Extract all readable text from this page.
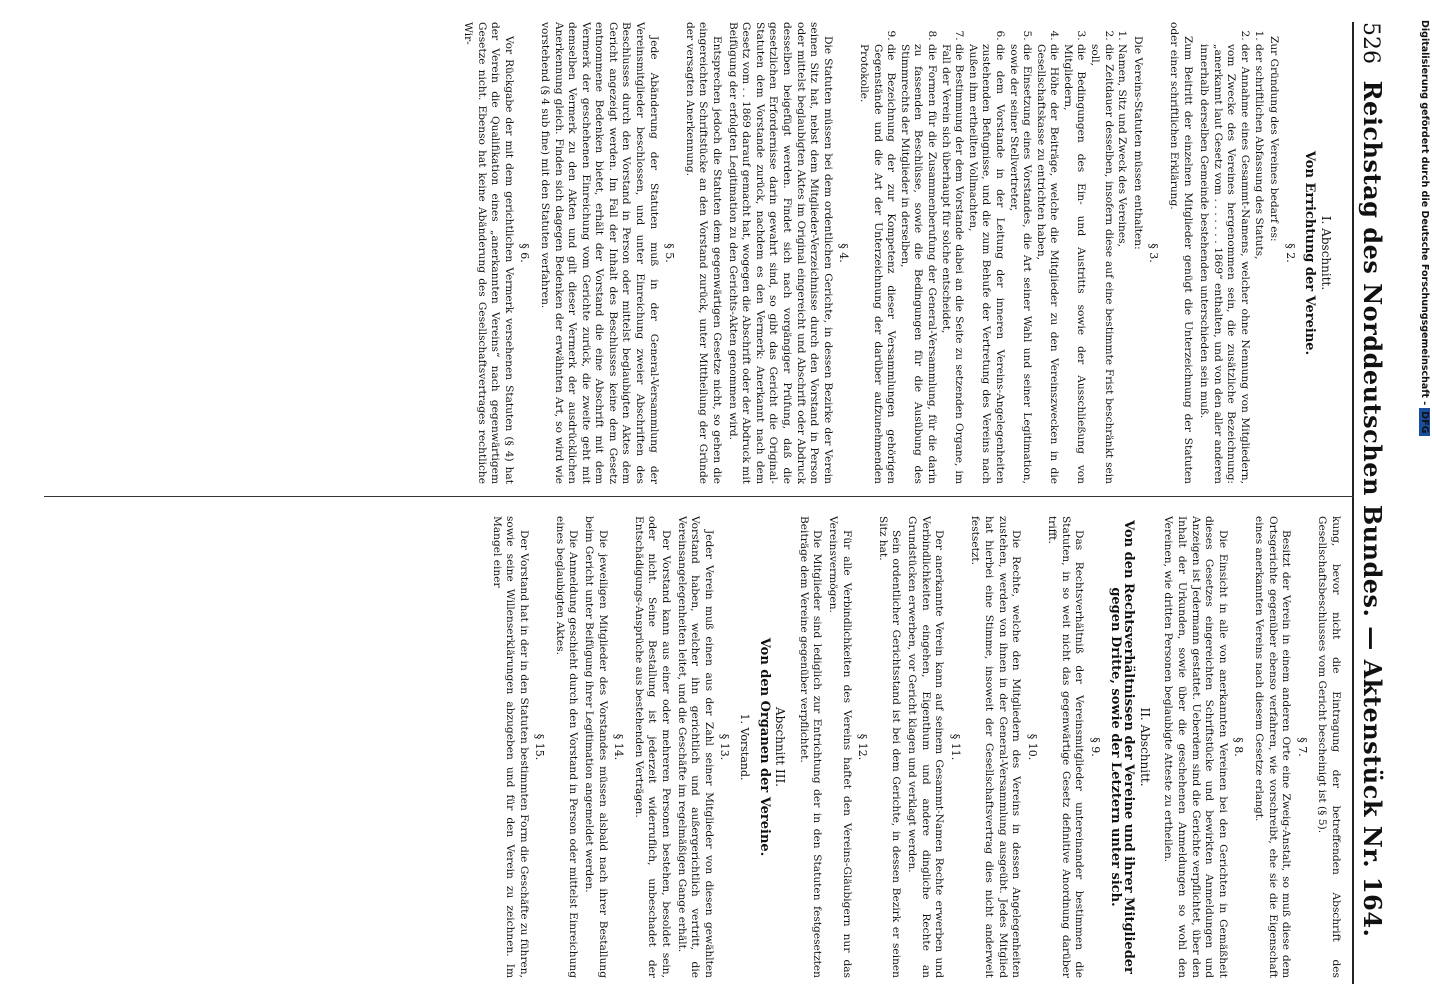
526
Reichstag des Norddeutschen Bundes. — Aktenstück Nr. 164.
I. Abschnitt.
Von Errichtung der Vereine.
§ 2.

Zur Gründung des Vereines bedarf es:

1. der schriftlichen Abfassung des Statuts,
2. der Annahme eines Gesammt-Namens, welcher ohne Nennung von Mitgliedern, vom Zwecke des Vereines hergenommen sein, die zusätzliche Bezeichnung: „anerkannt laut Gesetz vom . . . . . . . 1869“ enthalten, und von den aller anderen innerhalb derselben Gemeinde bestehenden unterschieden sein muß.

Zum Beitritt der einzelnen Mitglieder genügt die Unterzeichnung der Statuten oder einer schriftlichen Erklärung.

§ 3.

Die Vereins-Statuten müssen enthalten:

1. Namen, Sitz und Zweck des Vereines,
2. die Zeitdauer desselben, insofern diese auf eine bestimmte Frist beschränkt sein soll,
3. die Bedingungen des Ein- und Austritts sowie der Ausschließung von Mitgliedern,
4. die Höhe der Beiträge, welche die Mitglieder zu den Vereinszwecken in die Gesellschaftskasse zu entrichten haben,
5. die Einsetzung eines Vorstandes, die Art seiner Wahl und seiner Legitimation, sowie der seiner Stellvertreter,
6. die dem Vorstande in der Leitung der inneren Vereins-Angelegenheiten zustehenden Befugnisse, und die zum Behufe der Vertretung des Vereins nach Außen ihm ertheilten Vollmachten,
7. die Bestimmung der dem Vorstande dabei an die Seite zu setzenden Organe, im Fall der Verein sich überhaupt für solche entscheidet,
8. die Formen für die Zusammenberufung der General-Versammlung, für die darin zu fassenden Beschlüsse, sowie die Bedingungen für die Ausübung des Stimmrechts der Mitglieder in derselben,
9. die Bezeichnung der zur Kompetenz dieser Versammlungen gehörigen Gegenstände und die Art der Unterzeichnung der darüber aufzunehmenden Protokolle.
§ 4.

Die Statuten müssen bei dem ordentlichen Gerichte, in dessen Bezirke der Verein seinen Sitz hat, nebst dem Mitglieder-Verzeichnisse durch den Vorstand in Person oder mittelst beglaubigten Aktes im Original eingereicht und Abschrift oder Abdruck desselben beigefügt werden. Findet sich nach vorgängiger Prüfung, daß die gesetzlichen Erfordernisse darin gewahrt sind, so gibt das Gericht die Original-Statuten dem Vorstande zurück, nachdem es den Vermerk: Anerkannt nach dem Gesetz vom . . 1869 darauf gemacht hat, wogegen die Abschrift oder der Abdruck mit Beifügung der erfolgten Legitimation zu den Gerichts-Akten genommen wird.

Entsprechen jedoch die Statuten dem gegenwärtigen Gesetze nicht, so gehen die eingereichten Schriftstücke an den Vorstand zurück, unter Mittheilung der Gründe der versagten Anerkennung.

§ 5.

Jede Abänderung der Statuten muß in der General-Versammlung der Vereinsmitglieder beschlossen, und unter Einreichung zweier Abschriften des Beschlusses durch den Vorstand in Person oder mittelst beglaubigten Aktes dem Gericht angezeigt werden. Im Fall der Inhalt des Beschlusses keine dem Gesetz entnommene Bedenken bietet, erhält der Vorstand die eine Abschrift mit dem Vermerk der geschehenen Einreichung vom Gerichte zurück, die zweite geht mit demselben Vermerk zu den Akten und gilt dieser Vermerk der ausdrücklichen Anerkennung gleich. Finden sich dagegen Bedenken der erwähnten Art, so wird wie vorstehend (§ 4 sub fine) mit den Statuten verfahren.

§ 6.

Vor Rückgabe der mit dem gerichtlichen Vermerk versehenen Statuten (§ 4) hat der Verein die Qualifikation eines „anerkannten Vereins“ nach gegenwärtigem Gesetze nicht. Ebenso hat keine Abänderung des Gesellschaftsvertrages rechtliche Wir-

kung, bevor nicht die Eintragung der betreffenden Abschrift des Gesellschaftsbeschlusses vom Gericht bescheinigt ist (§ 5).

§ 7.

Besitzt der Verein in einem anderen Orte eine Zweig-Anstalt, so muß diese dem Ortsgerichte gegenüber ebenso verfahren, wie vorschreibt, ehe sie die Eigenschaft eines anerkannten Vereins nach diesem Gesetze erlangt.

§ 8.

Die Einsicht in alle von anerkannten Vereinen bei den Gerichten in Gemäßheit dieses Gesetzes eingereichten Schriftstücke und bewirkten Anmeldungen und Anzeigen ist Jedermann gestattet. Ueberdem sind die Gerichte verpflichtet, über den Inhalt der Urkunden, sowie über die geschehenen Anmeldungen so wohl den Vereinen, wie dritten Personen beglaubigte Atteste zu ertheilen.

II. Abschnitt.
Von den Rechtsverhältnissen der Vereine und ihrer Mitglieder gegen Dritte, sowie der Letztern unter sich.
§ 9.

Das Rechtsverhältniß der Vereinsmitglieder untereinander bestimmen die Statuten, in so weit nicht das gegenwärtige Gesetz definitive Anordnung darüber trifft.

§ 10.

Die Rechte, welche den Mitgliedern des Vereins in dessen Angelegenheiten zustehen, werden von ihnen in der General-Versammlung ausgeübt. Jedes Mitglied hat hierbei eine Stimme, insoweit der Gesellschaftsvertrag dies nicht anderweit festsetzt.

§ 11.

Der anerkannte Verein kann auf seinem Gesammt-Namen Rechte erwerben und Verbindlichkeiten eingehen, Eigenthum und andere dingliche Rechte an Grundstücken erwerben, vor Gericht klagen und verklagt werden.

Sein ordentlicher Gerichtsstand ist bei dem Gerichte, in dessen Bezirk er seinen Sitz hat.

§ 12.

Für alle Verbindlichkeiten des Vereins haftet den Vereins-Gläubigern nur das Vereinsvermögen.

Die Mitglieder sind lediglich zur Entrichtung der in den Statuten festgesetzten Beiträge dem Vereine gegenüber verpflichtet.

Abschnitt III.
Von den Organen der Vereine.
1. Vorstand.
§ 13.

Jeder Verein muß einen aus der Zahl seiner Mitglieder von diesen gewählten Vorstand haben, welcher ihn gerichtlich und außergerichtlich vertritt, die Vereinsangelegenheiten leitet, und die Geschäfte im regelmäßigen Gange erhält.

Der Vorstand kann aus einer oder mehreren Personen bestehen, besoldet sein, oder nicht. Seine Bestallung ist jederzeit widerruflich, unbeschadet der Entschädigungs-Ansprüche aus bestehenden Verträgen.

§ 14.

Die jeweiligen Mitglieder des Vorstandes müssen alsbald nach ihrer Bestallung beim Gericht unter Beifügung ihrer Legitimation angemeldet werden.

Die Anmeldung geschieht durch den Vorstand in Person oder mittelst Einreichung eines beglaubigten Aktes.

§ 15.

Der Vorstand hat in der in den Statuten bestimmten Form die Geschäfte zu führen, sowie seine Willenserklärungen abzugeben und für den Verein zu zeichnen. Im Mangel einer

Digitalisierung gefördert durch die Deutsche Forschungsgemeinschaft -DFG
